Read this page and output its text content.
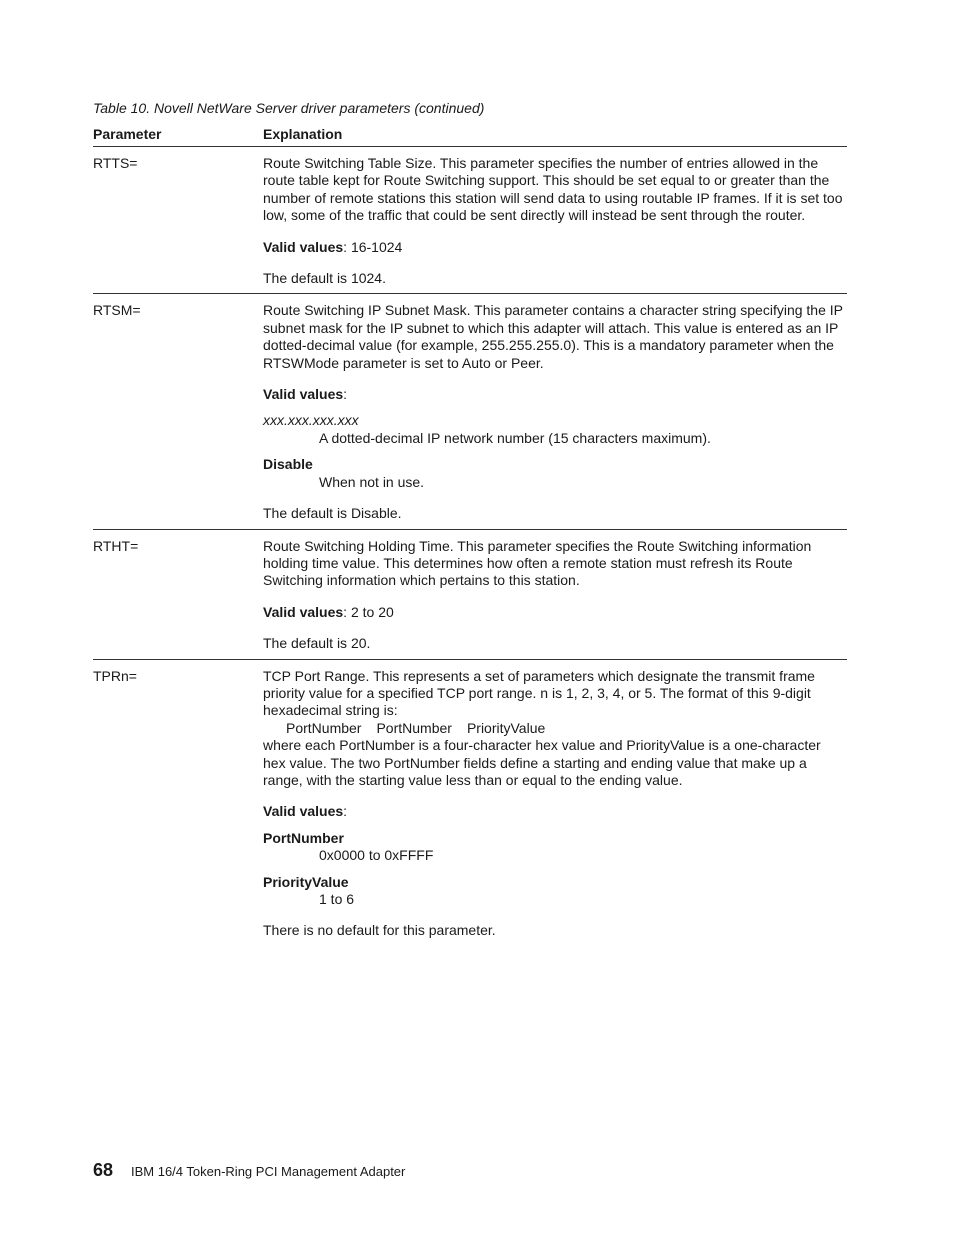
Table 10. Novell NetWare Server driver parameters (continued)
Parameter	Explanation
RTTS=	Route Switching Table Size. This parameter specifies the number of entries allowed in the route table kept for Route Switching support. This should be set equal to or greater than the number of remote stations this station will send data to using routable IP frames. If it is set too low, some of the traffic that could be sent directly will instead be sent through the router.

Valid values: 16-1024

The default is 1024.

RTSM=	Route Switching IP Subnet Mask. This parameter contains a character string specifying the IP subnet mask for the IP subnet to which this adapter will attach. This value is entered as an IP dotted-decimal value (for example, 255.255.255.0). This is a mandatory parameter when the RTSWMode parameter is set to Auto or Peer.

Valid values:

xxx.xxx.xxx.xxx

A dotted-decimal IP network number (15 characters maximum).

Disable

When not in use.

The default is Disable.

RTHT=	Route Switching Holding Time. This parameter specifies the Route Switching information holding time value. This determines how often a remote station must refresh its Route Switching information which pertains to this station.

Valid values: 2 to 20

The default is 20.

TPRn=	TCP Port Range. This represents a set of parameters which designate the transmit frame priority value for a specified TCP port range. n is 1, 2, 3, 4, or 5. The format of this 9-digit hexadecimal string is:

PortNumber PortNumber PriorityValue

where each PortNumber is a four-character hex value and PriorityValue is a one-character hex value. The two PortNumber fields define a starting and ending value that make up a range, with the starting value less than or equal to the ending value.

Valid values:

PortNumber

0x0000 to 0xFFFF

PriorityValue

1 to 6

There is no default for this parameter.

68	IBM 16/4 Token-Ring PCI Management Adapter
